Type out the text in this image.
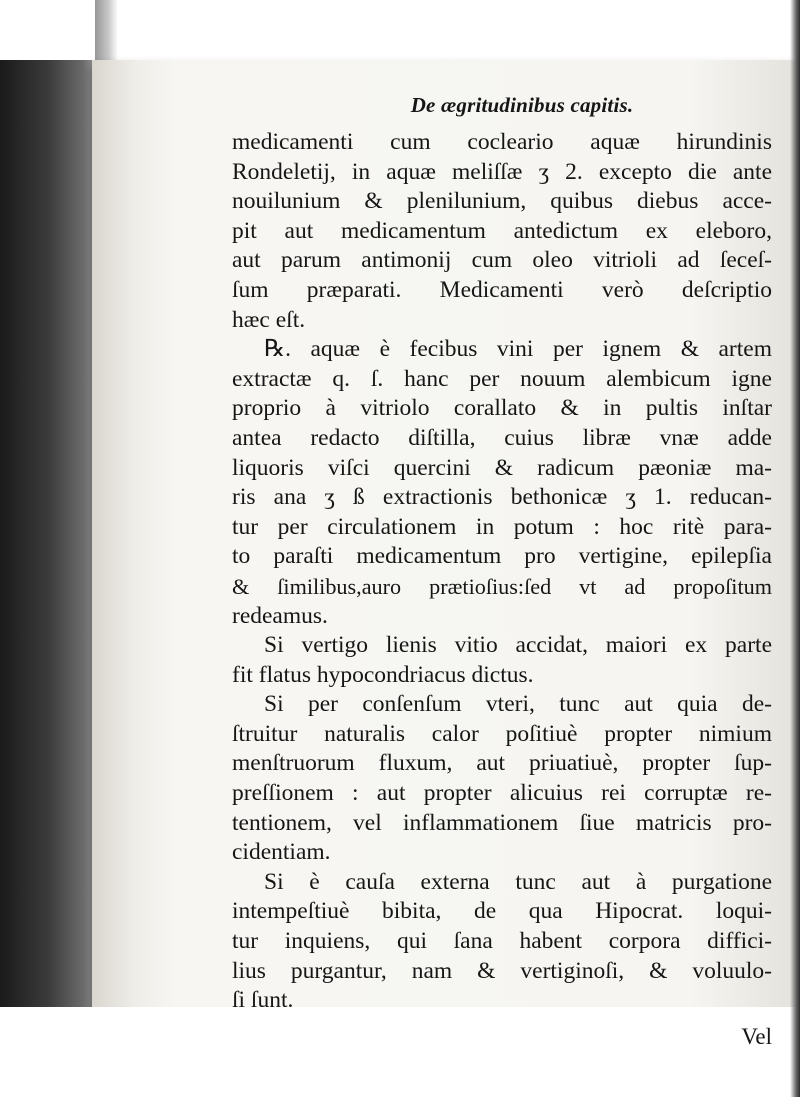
De ægritudinibus capitis.
medicamenti cum cocleario aquæ hirundinis
Rondeletij, in aquæ meliſſæ ʒ 2. excepto die ante
nouilunium & plenilunium, quibus diebus acce-
pit aut medicamentum antedictum ex eleboro,
aut parum antimonij cum oleo vitrioli ad ſeceſ-
ſum præparati. Medicamenti verò deſcriptio
hæc eſt.
℞. aquæ è fecibus vini per ignem & artem
extractæ q. ſ. hanc per nouum alembicum igne
proprio à vitriolo corallato & in pultis inſtar
antea redacto diſtilla, cuius libræ vnæ adde
liquoris viſci quercini & radicum pæoniæ ma-
ris ana ʒ ß extractionis bethonicæ ʒ 1. reducan-
tur per circulationem in potum : hoc ritè para-
to paraſti medicamentum pro vertigine, epilepſia
& ſimilibus,auro prætioſius:ſed vt ad propoſitum
redeamus.
Si vertigo lienis vitio accidat, maiori ex parte
fit flatus hypocondriacus dictus.
Si per conſenſum vteri, tunc aut quia de-
ſtruitur naturalis calor poſitiuè propter nimium
menſtruorum fluxum, aut priuatiuè, propter ſup-
preſſionem : aut propter alicuius rei corruptæ re-
tentionem, vel inflammationem ſiue matricis pro-
cidentiam.
Si è cauſa externa tunc aut à purgatione
intempeſtiuè bibita, de qua Hipocrat. loqui-
tur inquiens, qui ſana habent corpora diffici-
lius purgantur, nam & vertiginoſi, & voluulo-
ſi ſunt.
Vel
